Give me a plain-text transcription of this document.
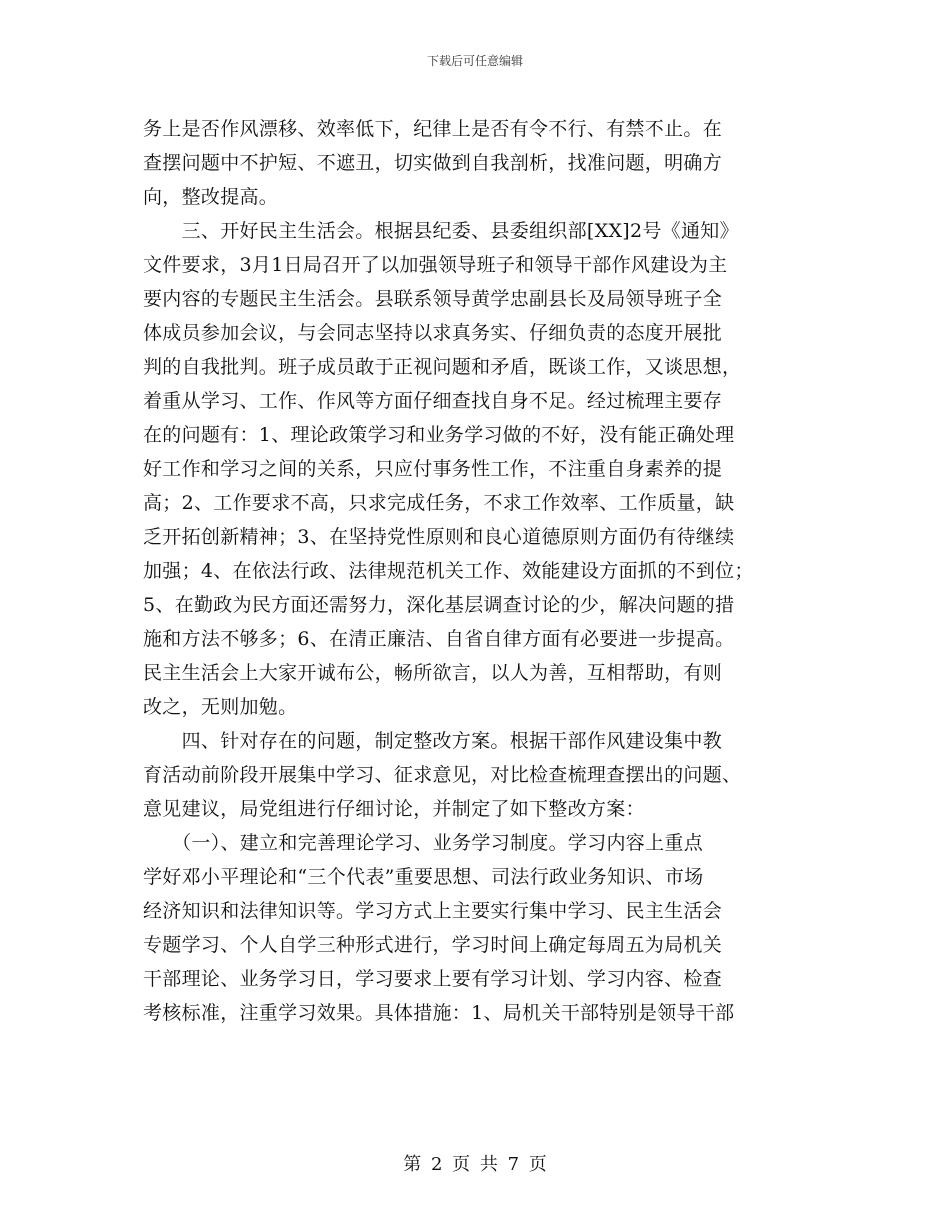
下载后可任意编辑
务上是否作风漂移、效率低下，纪律上是否有令不行、有禁不止。在
查摆问题中不护短、不遮丑，切实做到自我剖析，找准问题，明确方
向，整改提高。
　　三、开好民主生活会。根据县纪委、县委组织部[XX]2号《通知》
文件要求，3月1日局召开了以加强领导班子和领导干部作风建设为主
要内容的专题民主生活会。县联系领导黄学忠副县长及局领导班子全
体成员参加会议，与会同志坚持以求真务实、仔细负责的态度开展批
判的自我批判。班子成员敢于正视问题和矛盾，既谈工作，又谈思想，
着重从学习、工作、作风等方面仔细查找自身不足。经过梳理主要存
在的问题有：1、理论政策学习和业务学习做的不好，没有能正确处理
好工作和学习之间的关系，只应付事务性工作，不注重自身素养的提
高；2、工作要求不高，只求完成任务，不求工作效率、工作质量，缺
乏开拓创新精神；3、在坚持党性原则和良心道德原则方面仍有待继续
加强；4、在依法行政、法律规范机关工作、效能建设方面抓的不到位；
5、在勤政为民方面还需努力，深化基层调查讨论的少，解决问题的措
施和方法不够多；6、在清正廉洁、自省自律方面有必要进一步提高。
民主生活会上大家开诚布公，畅所欲言，以人为善，互相帮助，有则
改之，无则加勉。
　　四、针对存在的问题，制定整改方案。根据干部作风建设集中教
育活动前阶段开展集中学习、征求意见，对比检查梳理查摆出的问题、
意见建议，局党组进行仔细讨论，并制定了如下整改方案：
　　（一）、建立和完善理论学习、业务学习制度。学习内容上重点
学好邓小平理论和“三个代表”重要思想、司法行政业务知识、市场
经济知识和法律知识等。学习方式上主要实行集中学习、民主生活会
专题学习、个人自学三种形式进行，学习时间上确定每周五为局机关
干部理论、业务学习日，学习要求上要有学习计划、学习内容、检查
考核标准，注重学习效果。具体措施：1、局机关干部特别是领导干部
第 2 页 共 7 页
